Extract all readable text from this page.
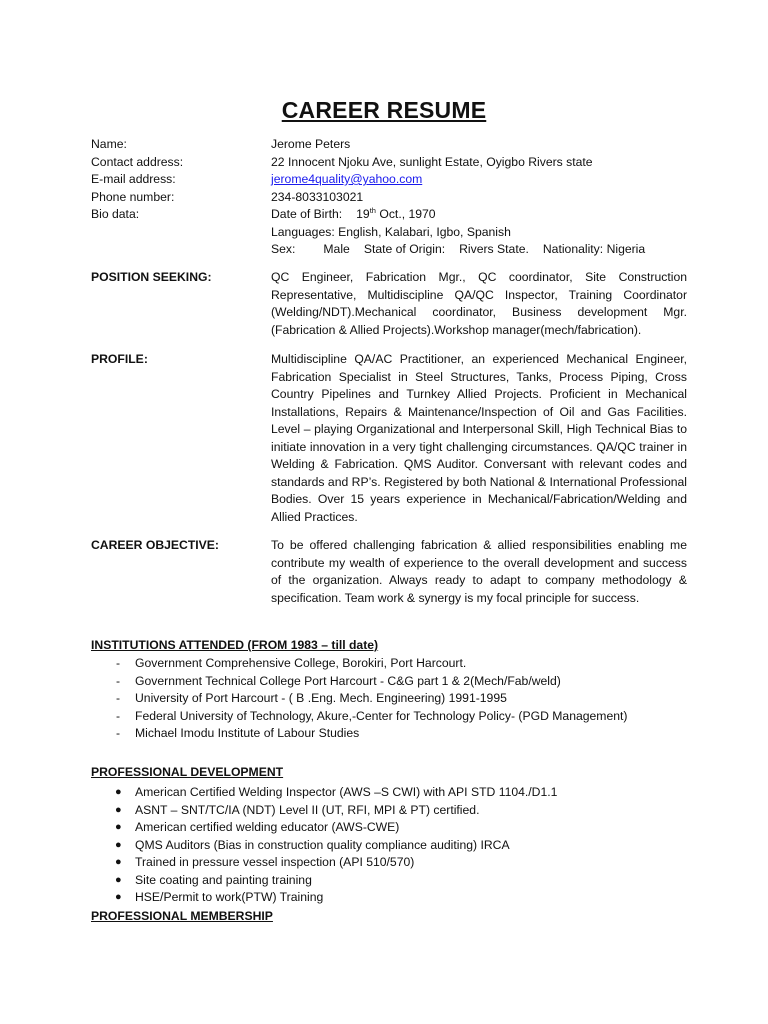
CAREER RESUME
Name:	Jerome Peters
Contact address:	22 Innocent Njoku Ave, sunlight Estate, Oyigbo Rivers state
E-mail address:	jerome4quality@yahoo.com
Phone number:	234-8033103021
Bio data:	Date of Birth: 19th Oct., 1970
Languages: English, Kalabari, Igbo, Spanish
Sex: Male State of Origin: Rivers State. Nationality: Nigeria
POSITION SEEKING:	QC Engineer, Fabrication Mgr., QC coordinator, Site Construction Representative, Multidiscipline QA/QC Inspector, Training Coordinator (Welding/NDT).Mechanical coordinator, Business development Mgr. (Fabrication & Allied Projects).Workshop manager(mech/fabrication).
PROFILE:	Multidiscipline QA/AC Practitioner, an experienced Mechanical Engineer, Fabrication Specialist in Steel Structures, Tanks, Process Piping, Cross Country Pipelines and Turnkey Allied Projects. Proficient in Mechanical Installations, Repairs & Maintenance/Inspection of Oil and Gas Facilities. Level – playing Organizational and Interpersonal Skill, High Technical Bias to initiate innovation in a very tight challenging circumstances. QA/QC trainer in Welding & Fabrication. QMS Auditor. Conversant with relevant codes and standards and RP’s. Registered by both National & International Professional Bodies. Over 15 years experience in Mechanical/Fabrication/Welding and Allied Practices.
CAREER OBJECTIVE:	To be offered challenging fabrication & allied responsibilities enabling me contribute my wealth of experience to the overall development and success of the organization. Always ready to adapt to company methodology & specification. Team work & synergy is my focal principle for success.
INSTITUTIONS ATTENDED (FROM 1983 – till date)
- Government Comprehensive College, Borokiri, Port Harcourt.
- Government Technical College Port Harcourt - C&G part 1 & 2(Mech/Fab/weld)
- University of Port Harcourt - ( B .Eng. Mech. Engineering) 1991-1995
- Federal University of Technology, Akure,-Center for Technology Policy- (PGD Management)
- Michael Imodu Institute of Labour Studies
PROFESSIONAL DEVELOPMENT
● American Certified Welding Inspector (AWS –S CWI) with API STD 1104./D1.1
● ASNT – SNT/TC/IA (NDT) Level II (UT, RFI, MPI & PT) certified.
● American certified welding educator (AWS-CWE)
● QMS Auditors (Bias in construction quality compliance auditing) IRCA
● Trained in pressure vessel inspection (API 510/570)
● Site coating and painting training
● HSE/Permit to work(PTW) Training
PROFESSIONAL MEMBERSHIP
